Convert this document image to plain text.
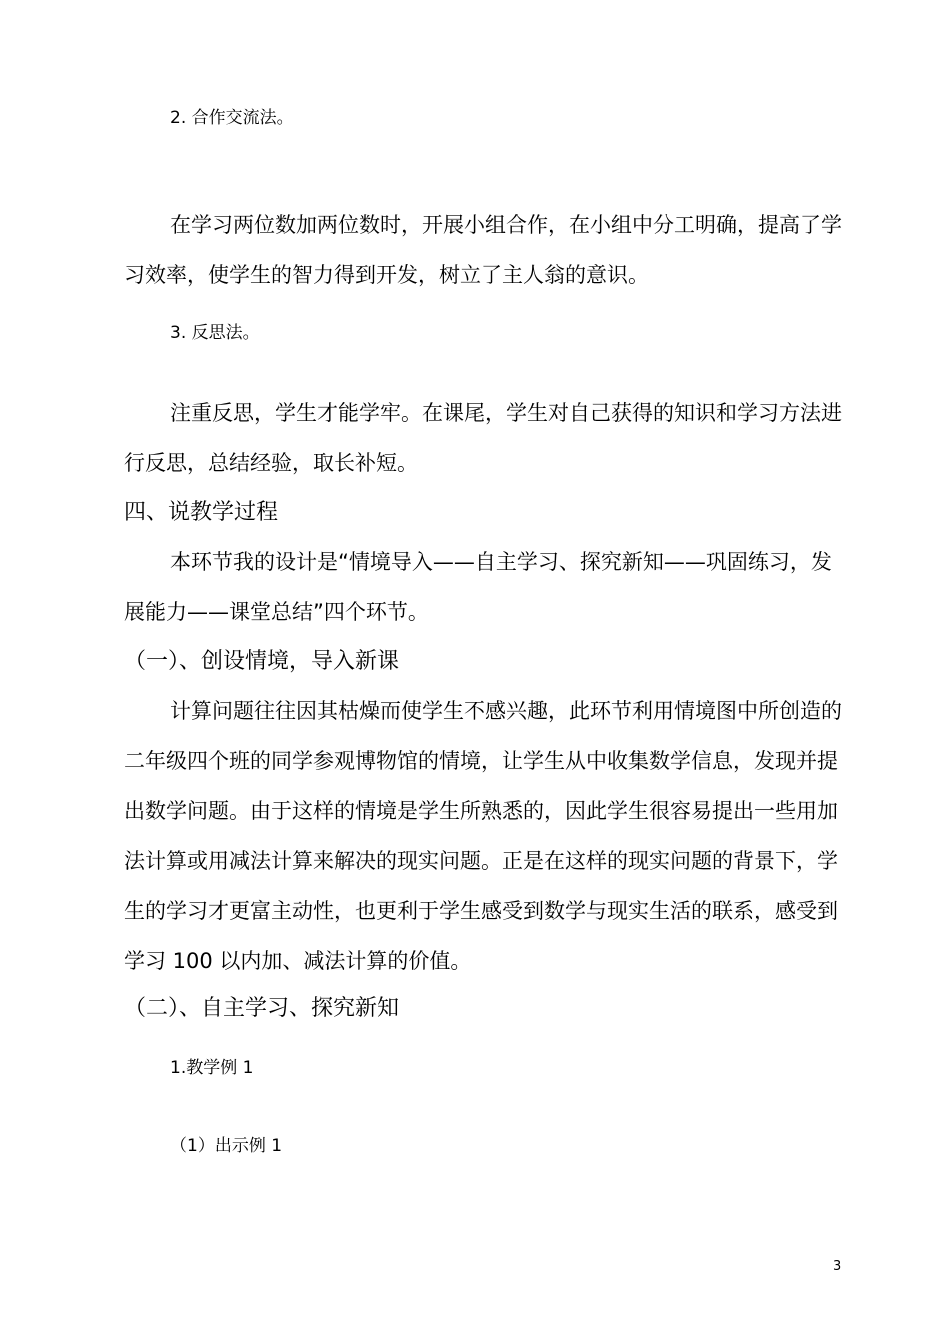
2. 合作交流法。
在学习两位数加两位数时，开展小组合作，在小组中分工明确，提高了学
习效率，使学生的智力得到开发，树立了主人翁的意识。
3. 反思法。
注重反思，学生才能学牢。在课尾，学生对自己获得的知识和学习方法进
行反思，总结经验，取长补短。
四、说教学过程
本环节我的设计是“情境导入——自主学习、探究新知——巩固练习，发
展能力——课堂总结”四个环节。
（一）、创设情境，导入新课
计算问题往往因其枯燥而使学生不感兴趣，此环节利用情境图中所创造的
二年级四个班的同学参观博物馆的情境，让学生从中收集数学信息，发现并提
出数学问题。由于这样的情境是学生所熟悉的，因此学生很容易提出一些用加
法计算或用减法计算来解决的现实问题。正是在这样的现实问题的背景下，学
生的学习才更富主动性，也更利于学生感受到数学与现实生活的联系，感受到
学习 100 以内加、减法计算的价值。
（二）、自主学习、探究新知
1.教学例 1
（1）出示例 1
3
